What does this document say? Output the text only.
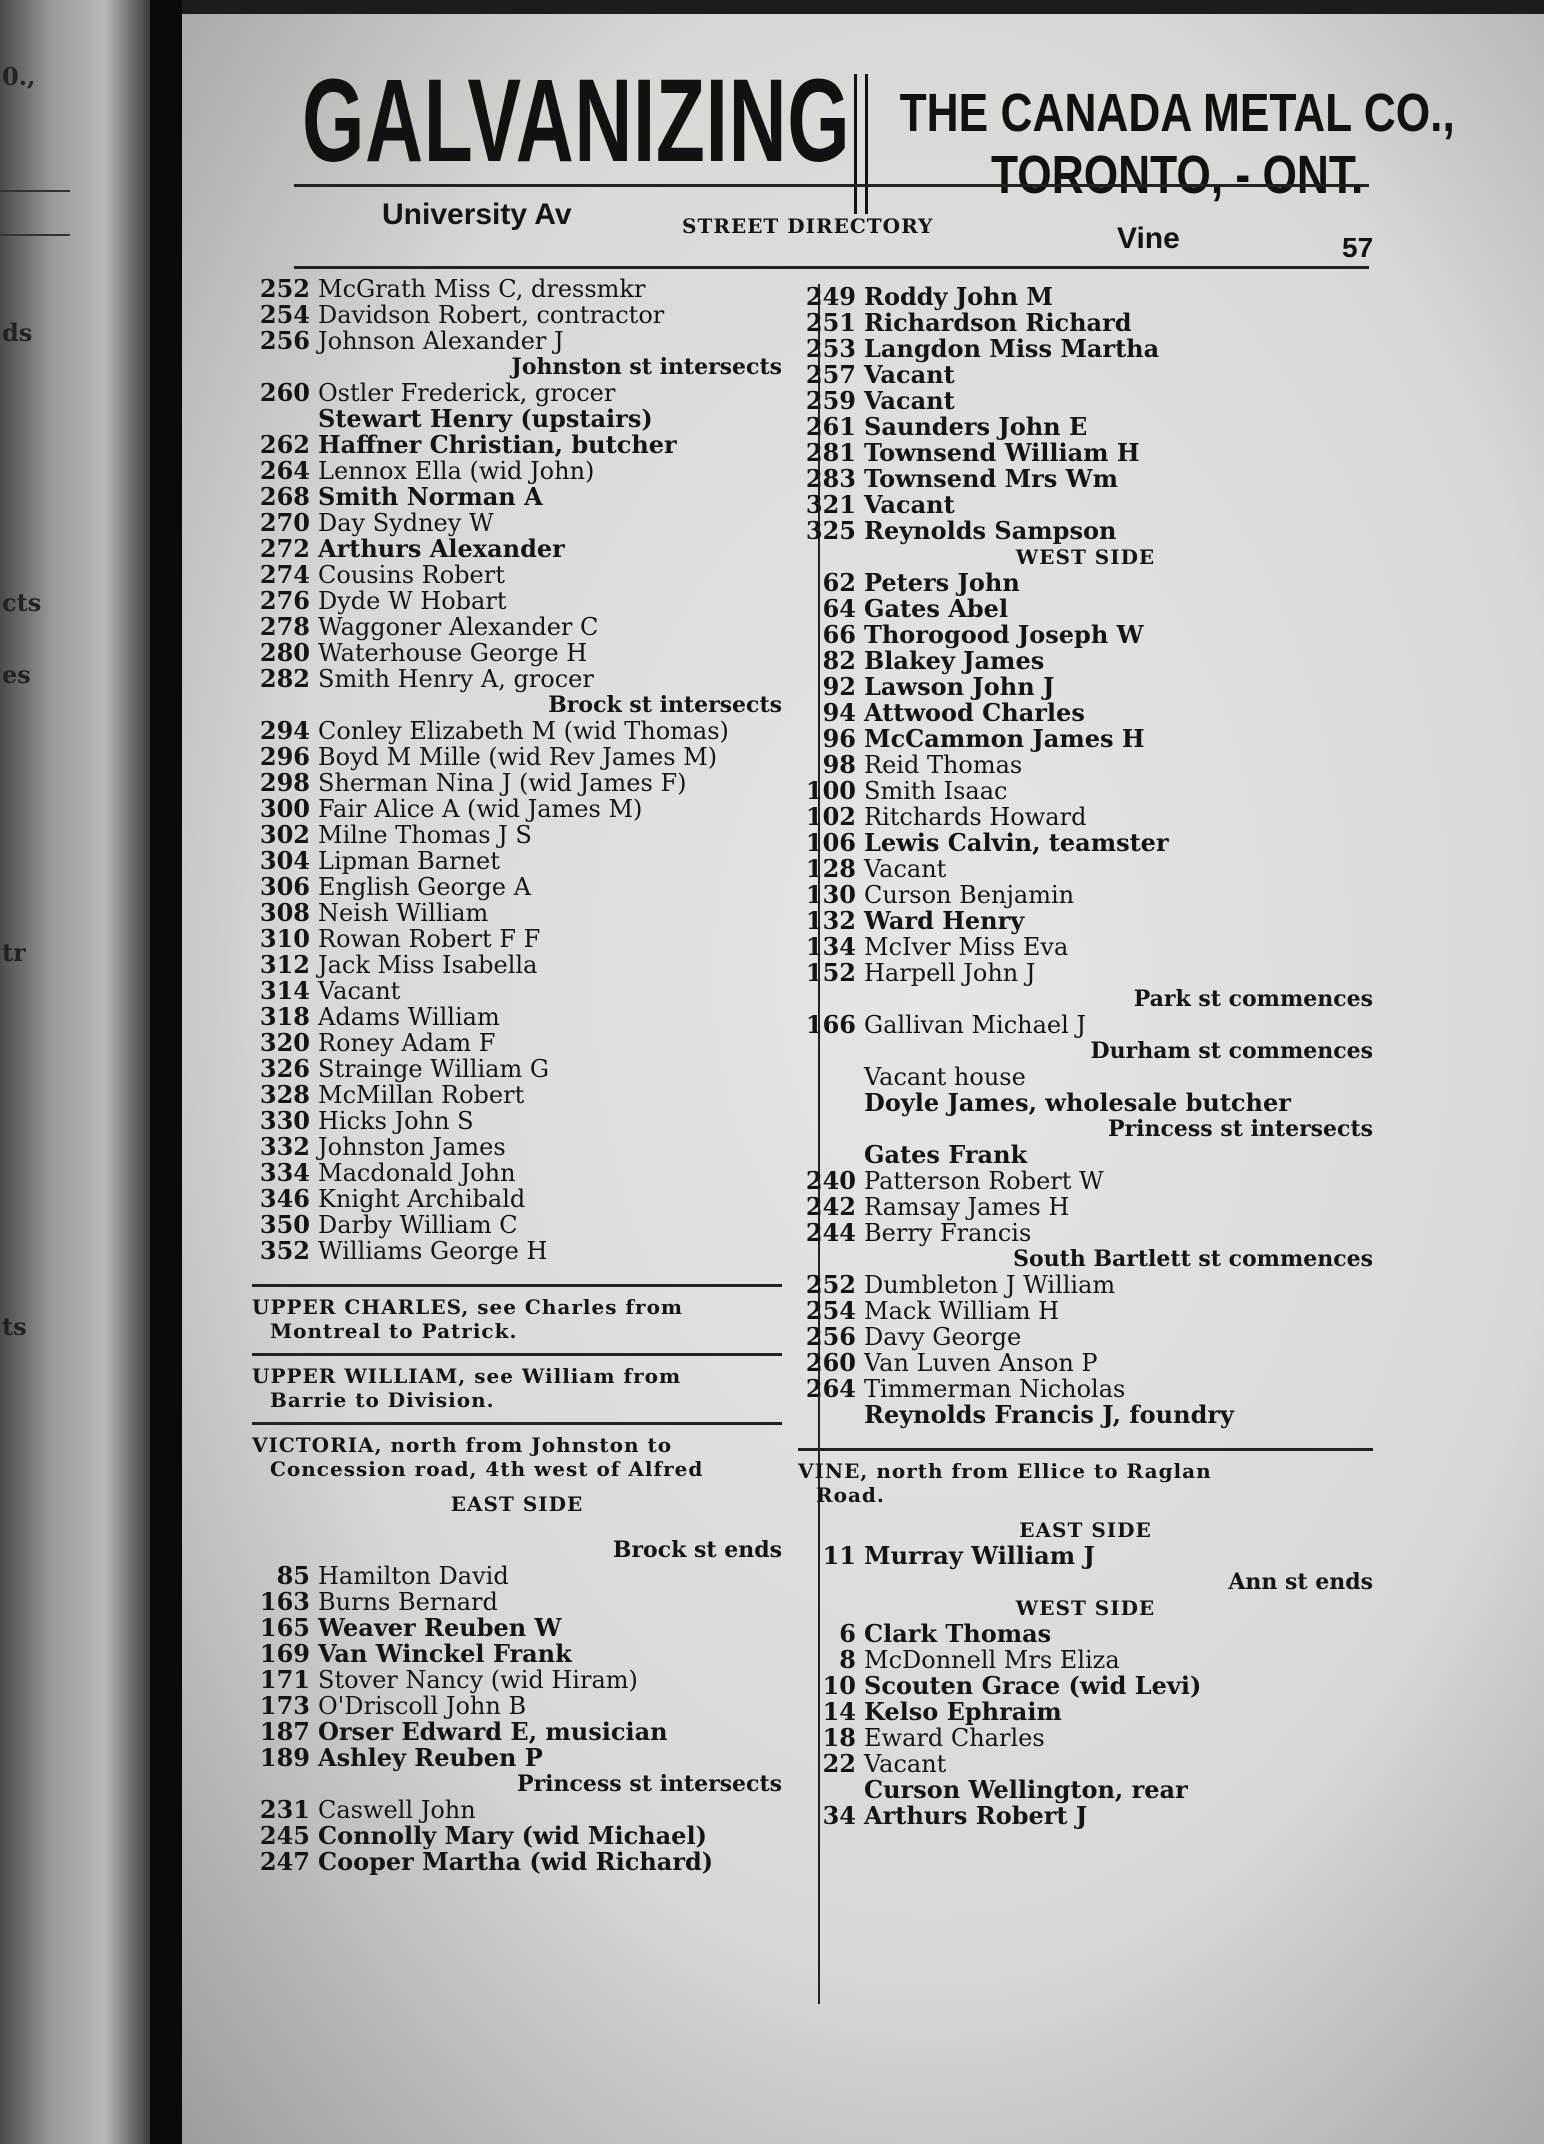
0.,
ds
cts
es
tr
ts
GALVANIZING THE CANADA METAL CO.,
TORONTO, - ONT.
University Av	STREET DIRECTORY	Vine	57
252 McGrath Miss C, dressmkr
254 Davidson Robert, contractor
256 Johnson Alexander J
Johnston st intersects
260 Ostler Frederick, grocer
Stewart Henry (upstairs)
262 Haffner Christian, butcher
264 Lennox Ella (wid John)
268 Smith Norman A
270 Day Sydney W
272 Arthurs Alexander
274 Cousins Robert
276 Dyde W Hobart
278 Waggoner Alexander C
280 Waterhouse George H
282 Smith Henry A, grocer
Brock st intersects
294 Conley Elizabeth M (wid Thomas)
296 Boyd M Mille (wid Rev James M)
298 Sherman Nina J (wid James F)
300 Fair Alice A (wid James M)
302 Milne Thomas J S
304 Lipman Barnet
306 English George A
308 Neish William
310 Rowan Robert F F
312 Jack Miss Isabella
314 Vacant
318 Adams William
320 Roney Adam F
326 Strainge William G
328 McMillan Robert
330 Hicks John S
332 Johnston James
334 Macdonald John
346 Knight Archibald
350 Darby William C
352 Williams George H
UPPER CHARLES, see Charles from
Montreal to Patrick.
UPPER WILLIAM, see William from
Barrie to Division.
VICTORIA, north from Johnston to
Concession road, 4th west of Alfred
EAST SIDE
Brock st ends
85 Hamilton David
163 Burns Bernard
165 Weaver Reuben W
169 Van Winckel Frank
171 Stover Nancy (wid Hiram)
173 O'Driscoll John B
187 Orser Edward E, musician
189 Ashley Reuben P
Princess st intersects
231 Caswell John
245 Connolly Mary (wid Michael)
247 Cooper Martha (wid Richard)
249 Roddy John M
251 Richardson Richard
253 Langdon Miss Martha
257 Vacant
259 Vacant
261 Saunders John E
281 Townsend William H
283 Townsend Mrs Wm
321 Vacant
325 Reynolds Sampson
WEST SIDE
62 Peters John
64 Gates Abel
66 Thorogood Joseph W
82 Blakey James
92 Lawson John J
94 Attwood Charles
96 McCammon James H
98 Reid Thomas
100 Smith Isaac
102 Ritchards Howard
106 Lewis Calvin, teamster
128 Vacant
130 Curson Benjamin
132 Ward Henry
134 McIver Miss Eva
152 Harpell John J
Park st commences
166 Gallivan Michael J
Durham st commences
Vacant house
Doyle James, wholesale butcher
Princess st intersects
Gates Frank
240 Patterson Robert W
242 Ramsay James H
244 Berry Francis
South Bartlett st commences
252 Dumbleton J William
254 Mack William H
256 Davy George
260 Van Luven Anson P
264 Timmerman Nicholas
Reynolds Francis J, foundry
VINE, north from Ellice to Raglan
Road.
EAST SIDE
11 Murray William J
Ann st ends
WEST SIDE
6 Clark Thomas
8 McDonnell Mrs Eliza
10 Scouten Grace (wid Levi)
14 Kelso Ephraim
18 Eward Charles
22 Vacant
Curson Wellington, rear
34 Arthurs Robert J
